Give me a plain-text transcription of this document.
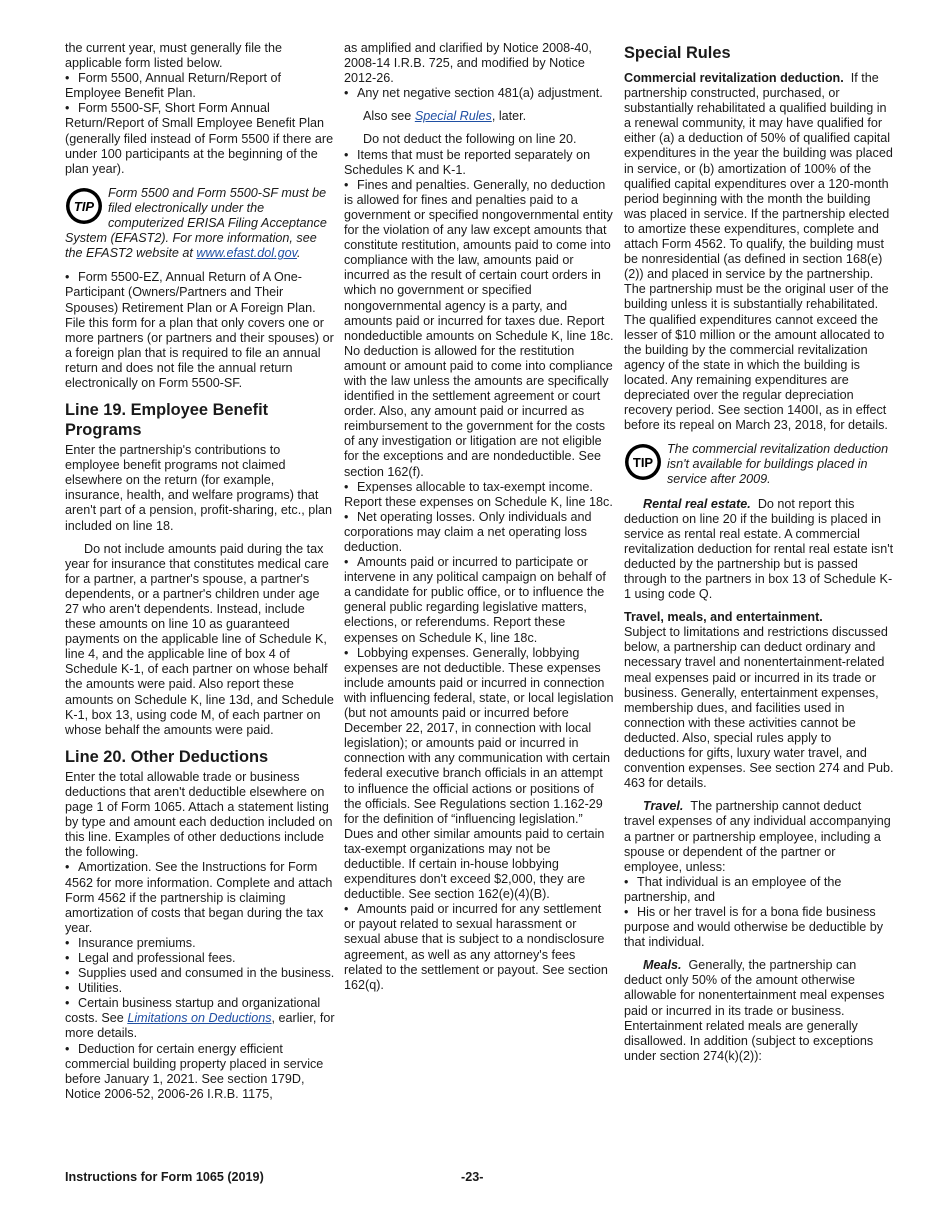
the current year, must generally file the applicable form listed below.

• Form 5500, Annual Return/Report of Employee Benefit Plan.

• Form 5500-SF, Short Form Annual Return/Report of Small Employee Benefit Plan (generally filed instead of Form 5500 if there are under 100 participants at the beginning of the plan year).

TIP
Form 5500 and Form 5500-SF must be filed electronically under the computerized ERISA Filing Acceptance System (EFAST2). For more information, see the EFAST2 website at www.efast.dol.gov.

• Form 5500-EZ, Annual Return of A One-Participant (Owners/Partners and Their Spouses) Retirement Plan or A Foreign Plan. File this form for a plan that only covers one or more partners (or partners and their spouses) or a foreign plan that is required to file an annual return and does not file the annual return electronically on Form 5500-SF.

Line 19. Employee Benefit Programs

Enter the partnership's contributions to employee benefit programs not claimed elsewhere on the return (for example, insurance, health, and welfare programs) that aren't part of a pension, profit-sharing, etc., plan included on line 18.

Do not include amounts paid during the tax year for insurance that constitutes medical care for a partner, a partner's spouse, a partner's dependents, or a partner's children under age 27 who aren't dependents. Instead, include these amounts on line 10 as guaranteed payments on the applicable line of Schedule K, line 4, and the applicable line of box 4 of Schedule K-1, of each partner on whose behalf the amounts were paid. Also report these amounts on Schedule K, line 13d, and Schedule K-1, box 13, using code M, of each partner on whose behalf the amounts were paid.

Line 20. Other Deductions

Enter the total allowable trade or business deductions that aren't deductible elsewhere on page 1 of Form 1065. Attach a statement listing by type and amount each deduction included on this line. Examples of other deductions include the following.

• Amortization. See the Instructions for Form 4562 for more information. Complete and attach Form 4562 if the partnership is claiming amortization of costs that began during the tax year.

• Insurance premiums.

• Legal and professional fees.

• Supplies used and consumed in the business.

• Utilities.

• Certain business startup and organizational costs. See Limitations on Deductions, earlier, for more details.

• Deduction for certain energy efficient commercial building property placed in service before January 1, 2021. See section 179D, Notice 2006-52, 2006-26 I.R.B. 1175,

as amplified and clarified by Notice 2008-40, 2008-14 I.R.B. 725, and modified by Notice 2012-26.

• Any net negative section 481(a) adjustment.

Also see Special Rules, later.

Do not deduct the following on line 20.

• Items that must be reported separately on Schedules K and K-1.

• Fines and penalties. Generally, no deduction is allowed for fines and penalties paid to a government or specified nongovernmental entity for the violation of any law except amounts that constitute restitution, amounts paid to come into compliance with the law, amounts paid or incurred as the result of certain court orders in which no government or specified nongovernmental agency is a party, and amounts paid or incurred for taxes due. Report nondeductible amounts on Schedule K, line 18c. No deduction is allowed for the restitution amount or amount paid to come into compliance with the law unless the amounts are specifically identified in the settlement agreement or court order. Also, any amount paid or incurred as reimbursement to the government for the costs of any investigation or litigation are not eligible for the exceptions and are nondeductible. See section 162(f).

• Expenses allocable to tax-exempt income. Report these expenses on Schedule K, line 18c.

• Net operating losses. Only individuals and corporations may claim a net operating loss deduction.

• Amounts paid or incurred to participate or intervene in any political campaign on behalf of a candidate for public office, or to influence the general public regarding legislative matters, elections, or referendums. Report these expenses on Schedule K, line 18c.

• Lobbying expenses. Generally, lobbying expenses are not deductible. These expenses include amounts paid or incurred in connection with influencing federal, state, or local legislation (but not amounts paid or incurred before December 22, 2017, in connection with local legislation); or amounts paid or incurred in connection with any communication with certain federal executive branch officials in an attempt to influence the official actions or positions of the officials. See Regulations section 1.162-29 for the definition of “influencing legislation.” Dues and other similar amounts paid to certain tax-exempt organizations may not be deductible. If certain in-house lobbying expenditures don't exceed $2,000, they are deductible. See section 162(e)(4)(B).

• Amounts paid or incurred for any settlement or payout related to sexual harassment or sexual abuse that is subject to a nondisclosure agreement, as well as any attorney's fees related to the settlement or payout. See section 162(q).

Special Rules

Commercial revitalization deduction. If the partnership constructed, purchased, or substantially rehabilitated a qualified building in a renewal community, it may have qualified for either (a) a deduction of 50% of qualified capital expenditures in the year the building was placed in service, or (b) amortization of 100% of the qualified capital expenditures over a 120-month period beginning with the month the building was placed in service. If the partnership elected to amortize these expenditures, complete and attach Form 4562. To qualify, the building must be nonresidential (as defined in section 168(e)(2)) and placed in service by the partnership. The partnership must be the original user of the building unless it is substantially rehabilitated. The qualified expenditures cannot exceed the lesser of $10 million or the amount allocated to the building by the commercial revitalization agency of the state in which the building is located. Any remaining expenditures are depreciated over the regular depreciation recovery period. See section 1400I, as in effect before its repeal on March 23, 2018, for details.

TIP
The commercial revitalization deduction isn't available for buildings placed in service after 2009.

Rental real estate. Do not report this deduction on line 20 if the building is placed in service as rental real estate. A commercial revitalization deduction for rental real estate isn't deducted by the partnership but is passed through to the partners in box 13 of Schedule K-1 using code Q.

Travel, meals, and entertainment.
Subject to limitations and restrictions discussed below, a partnership can deduct ordinary and necessary travel and nonentertainment-related meal expenses paid or incurred in its trade or business. Generally, entertainment expenses, membership dues, and facilities used in connection with these activities cannot be deducted. Also, special rules apply to deductions for gifts, luxury water travel, and convention expenses. See section 274 and Pub. 463 for details.

Travel. The partnership cannot deduct travel expenses of any individual accompanying a partner or partnership employee, including a spouse or dependent of the partner or employee, unless:

• That individual is an employee of the partnership, and

• His or her travel is for a bona fide business purpose and would otherwise be deductible by that individual.

Meals. Generally, the partnership can deduct only 50% of the amount otherwise allowable for nonentertainment meal expenses paid or incurred in its trade or business. Entertainment related meals are generally disallowed. In addition (subject to exceptions under section 274(k)(2)):

Instructions for Form 1065 (2019)	-23-
